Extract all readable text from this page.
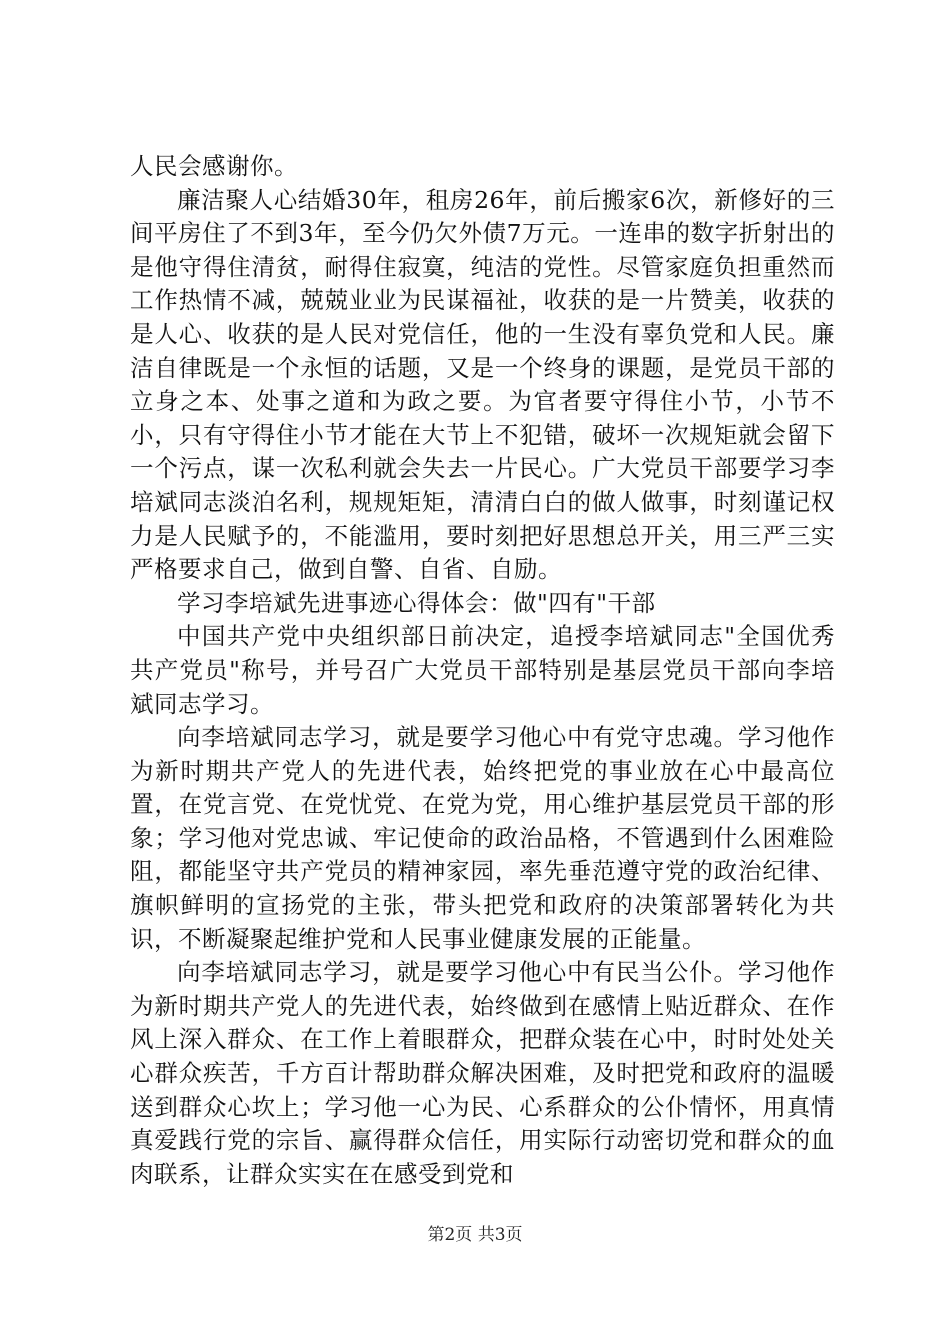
人民会感谢你。

廉洁聚人心结婚30年，租房26年，前后搬家6次，新修好的三间平房住了不到3年，至今仍欠外债7万元。一连串的数字折射出的是他守得住清贫，耐得住寂寞，纯洁的党性。尽管家庭负担重然而工作热情不减，兢兢业业为民谋福祉，收获的是一片赞美，收获的是人心、收获的是人民对党信任，他的一生没有辜负党和人民。廉洁自律既是一个永恒的话题，又是一个终身的课题，是党员干部的立身之本、处事之道和为政之要。为官者要守得住小节，小节不小，只有守得住小节才能在大节上不犯错，破坏一次规矩就会留下一个污点，谋一次私利就会失去一片民心。广大党员干部要学习李培斌同志淡泊名利，规规矩矩，清清白白的做人做事，时刻谨记权力是人民赋予的，不能滥用，要时刻把好思想总开关，用三严三实严格要求自己，做到自警、自省、自励。

学习李培斌先进事迹心得体会：做"四有"干部

中国共产党中央组织部日前决定，追授李培斌同志"全国优秀共产党员"称号，并号召广大党员干部特别是基层党员干部向李培斌同志学习。

向李培斌同志学习，就是要学习他心中有党守忠魂。学习他作为新时期共产党人的先进代表，始终把党的事业放在心中最高位置，在党言党、在党忧党、在党为党，用心维护基层党员干部的形象；学习他对党忠诚、牢记使命的政治品格，不管遇到什么困难险阻，都能坚守共产党员的精神家园，率先垂范遵守党的政治纪律、旗帜鲜明的宣扬党的主张，带头把党和政府的决策部署转化为共识，不断凝聚起维护党和人民事业健康发展的正能量。

向李培斌同志学习，就是要学习他心中有民当公仆。学习他作为新时期共产党人的先进代表，始终做到在感情上贴近群众、在作风上深入群众、在工作上着眼群众，把群众装在心中，时时处处关心群众疾苦，千方百计帮助群众解决困难，及时把党和政府的温暖送到群众心坎上；学习他一心为民、心系群众的公仆情怀，用真情真爱践行党的宗旨、赢得群众信任，用实际行动密切党和群众的血肉联系，让群众实实在在感受到党和

第2页 共3页
